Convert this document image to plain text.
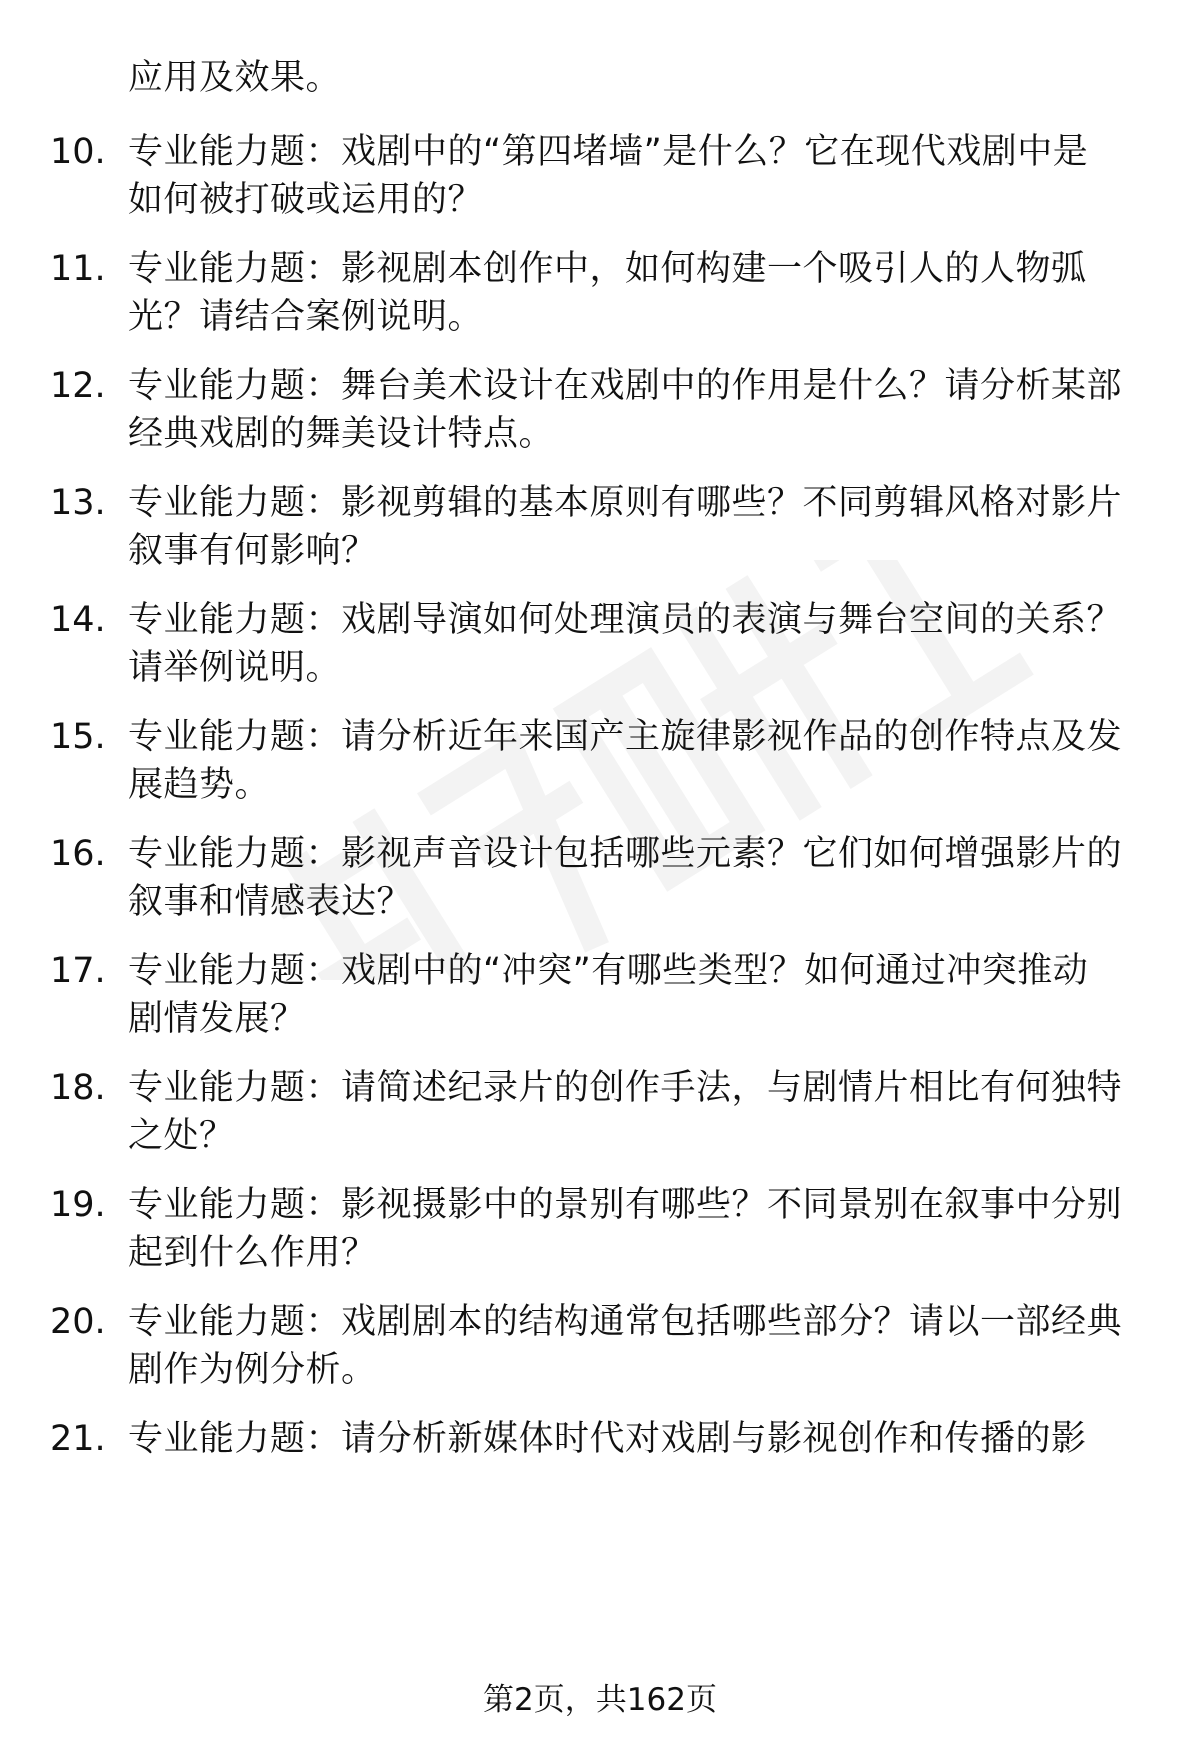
应用及效果。
10. 专业能力题：戏剧中的“第四堵墙”是什么？它在现代戏剧中是
如何被打破或运用的？
11. 专业能力题：影视剧本创作中，如何构建一个吸引人的人物弧
光？请结合案例说明。
12. 专业能力题：舞台美术设计在戏剧中的作用是什么？请分析某部
经典戏剧的舞美设计特点。
13. 专业能力题：影视剪辑的基本原则有哪些？不同剪辑风格对影片
叙事有何影响？
14. 专业能力题：戏剧导演如何处理演员的表演与舞台空间的关系？
请举例说明。
15. 专业能力题：请分析近年来国产主旋律影视作品的创作特点及发
展趋势。
16. 专业能力题：影视声音设计包括哪些元素？它们如何增强影片的
叙事和情感表达？
17. 专业能力题：戏剧中的“冲突”有哪些类型？如何通过冲突推动
剧情发展？
18. 专业能力题：请简述纪录片的创作手法，与剧情片相比有何独特
之处？
19. 专业能力题：影视摄影中的景别有哪些？不同景别在叙事中分别
起到什么作用？
20. 专业能力题：戏剧剧本的结构通常包括哪些部分？请以一部经典
剧作为例分析。
21. 专业能力题：请分析新媒体时代对戏剧与影视创作和传播的影
第2页，共162页
